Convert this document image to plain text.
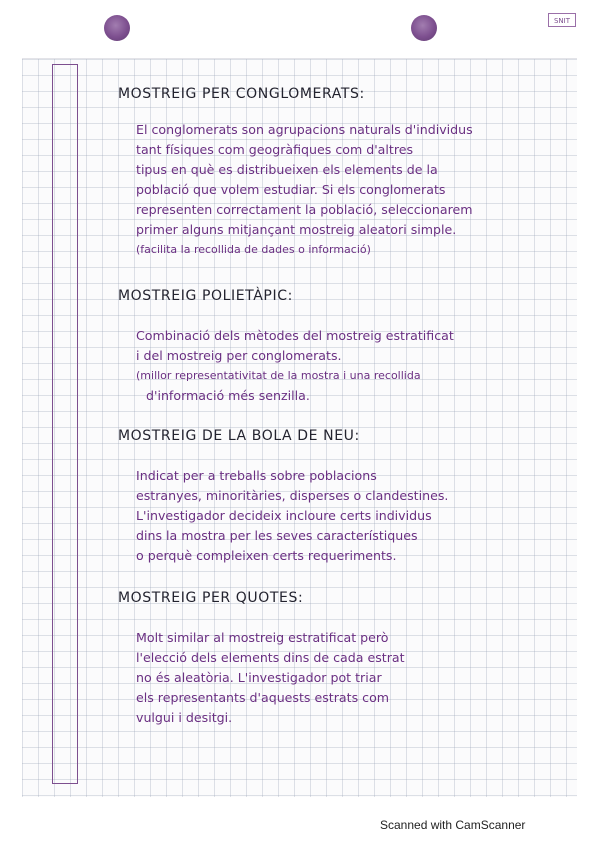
SNIT
MOSTREIG PER CONGLOMERATS:
El conglomerats son agrupacions naturals d'individus
tant físiques com geogràfiques com d'altres
tipus en què es distribueixen els elements de la
població que volem estudiar. Si els conglomerats
representen correctament la població, seleccionarem
primer alguns mitjançant mostreig aleatori simple.
(facilita la recollida de dades o informació)
MOSTREIG POLIETÀPIC:
Combinació dels mètodes del mostreig estratificat
i del mostreig per conglomerats.
(millor representativitat de la mostra i una recollida
d'informació més senzilla.
MOSTREIG DE LA BOLA DE NEU:
Indicat per a treballs sobre poblacions
estranyes, minoritàries, disperses o clandestines.
L'investigador decideix incloure certs individus
dins la mostra per les seves característiques
o perquè compleixen certs requeriments.
MOSTREIG PER QUOTES:
Molt similar al mostreig estratificat però
l'elecció dels elements dins de cada estrat
no és aleatòria. L'investigador pot triar
els representants d'aquests estrats com
vulgui i desitgi.
Scanned with CamScanner
